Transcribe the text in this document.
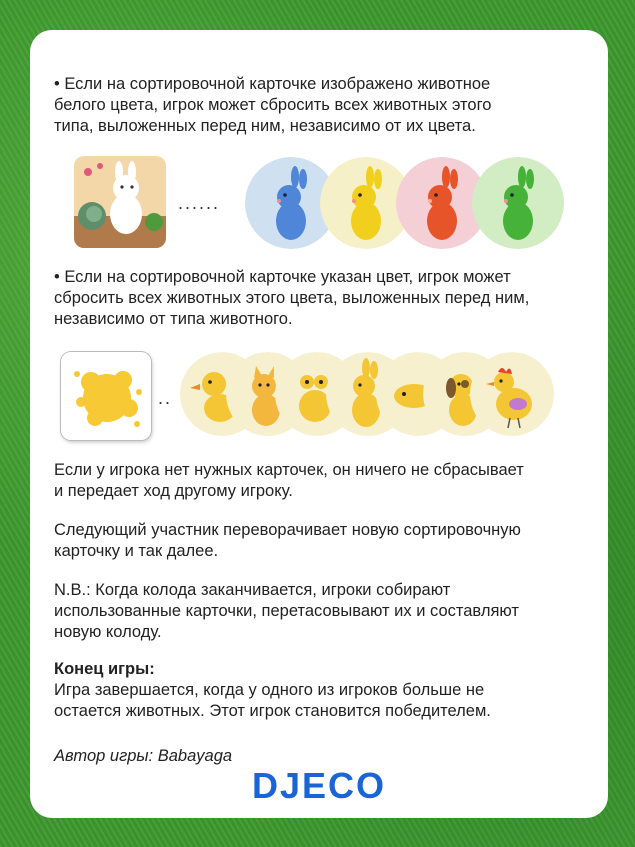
• Если на сортировочной карточке изображено животное
белого цвета, игрок может сбросить всех животных этого
типа, выложенных перед ним, независимо от их цвета.

......

• Если на сортировочной карточке указан цвет, игрок может
сбросить всех животных этого цвета, выложенных перед ним,
независимо от типа животного.

..

Если у игрока нет нужных карточек, он ничего не сбрасывает
и передает ход другому игроку.

Следующий участник переворачивает новую сортировочную
карточку и так далее.

N.B.: Когда колода заканчивается, игроки собирают
использованные карточки, перетасовывают их и составляют
новую колоду.

Конец игры:

Игра завершается, когда у одного из игроков больше не
остается животных. Этот игрок становится победителем.

Автор игры: Babayaga

DJECO
